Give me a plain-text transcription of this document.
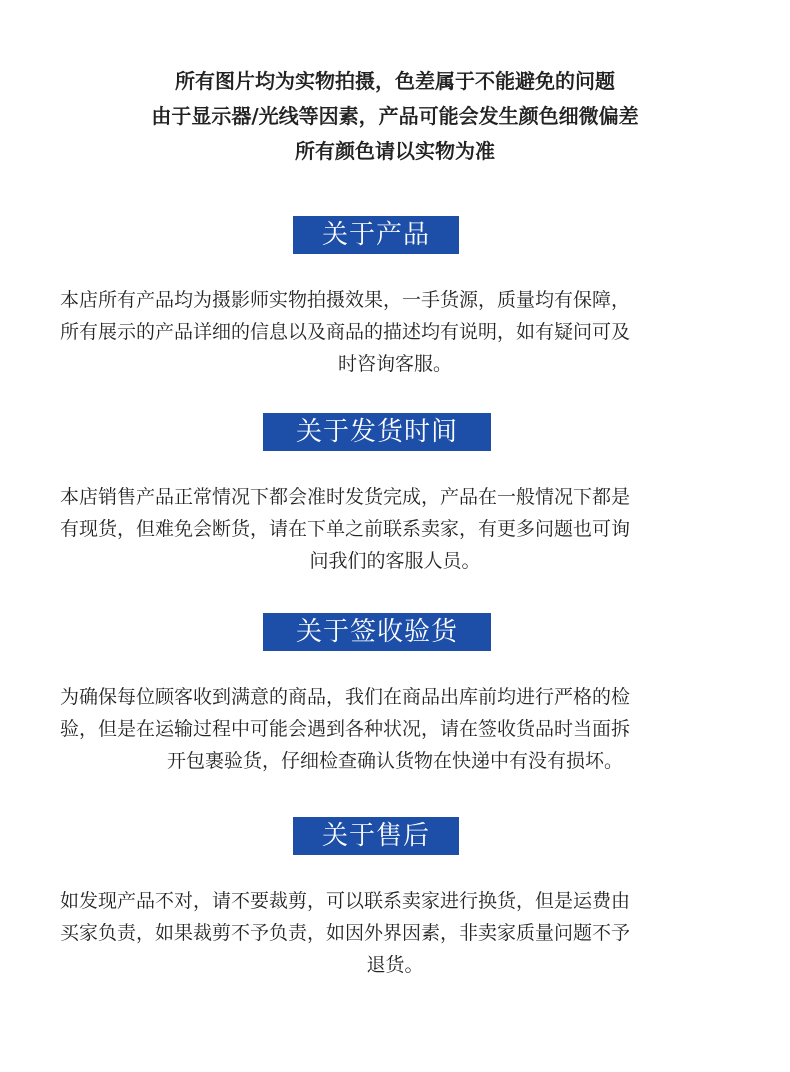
所有图片均为实物拍摄，色差属于不能避免的问题
由于显示器/光线等因素，产品可能会发生颜色细微偏差
所有颜色请以实物为准
关于产品
本店所有产品均为摄影师实物拍摄效果，一手货源，质量均有保障，
所有展示的产品详细的信息以及商品的描述均有说明，如有疑问可及
时咨询客服。
关于发货时间
本店销售产品正常情况下都会准时发货完成，产品在一般情况下都是
有现货，但难免会断货，请在下单之前联系卖家，有更多问题也可询
问我们的客服人员。
关于签收验货
为确保每位顾客收到满意的商品，我们在商品出库前均进行严格的检
验，但是在运输过程中可能会遇到各种状况，请在签收货品时当面拆
开包裹验货，仔细检查确认货物在快递中有没有损坏。
关于售后
如发现产品不对，请不要裁剪，可以联系卖家进行换货，但是运费由
买家负责，如果裁剪不予负责，如因外界因素，非卖家质量问题不予
退货。
